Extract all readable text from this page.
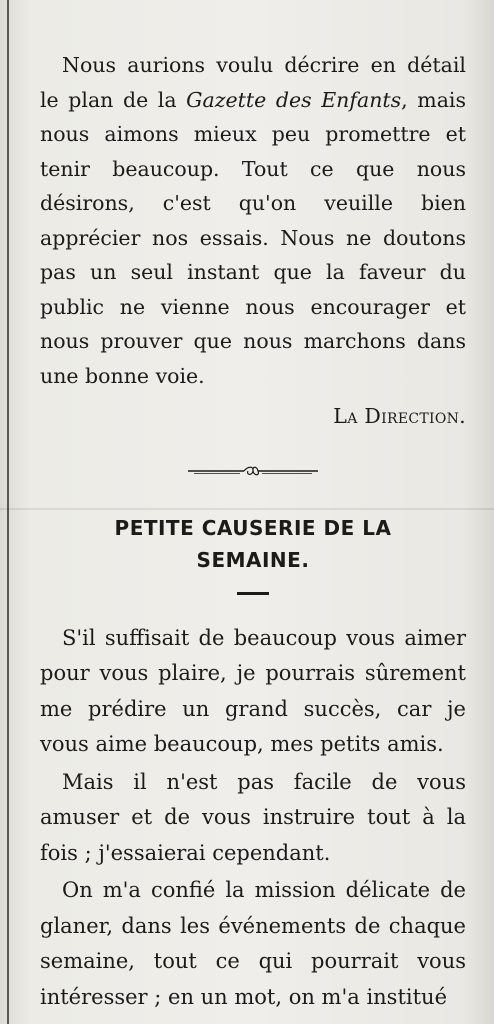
Nous aurions voulu décrire en détail le plan de la Gazette des Enfants, mais nous aimons mieux peu promettre et tenir beaucoup. Tout ce que nous désirons, c'est qu'on veuille bien apprécier nos essais. Nous ne doutons pas un seul instant que la faveur du public ne vienne nous encourager et nous prouver que nous marchons dans une bonne voie.

La Direction.

PETITE CAUSERIE DE LA
SEMAINE.

S'il suffisait de beaucoup vous aimer pour vous plaire, je pourrais sûrement me prédire un grand succès, car je vous aime beaucoup, mes petits amis.

Mais il n'est pas facile de vous amuser et de vous instruire tout à la fois ; j'essaierai cependant.

On m'a confié la mission délicate de glaner, dans les événements de chaque semaine, tout ce qui pourrait vous intéresser ; en un mot, on m'a institué
